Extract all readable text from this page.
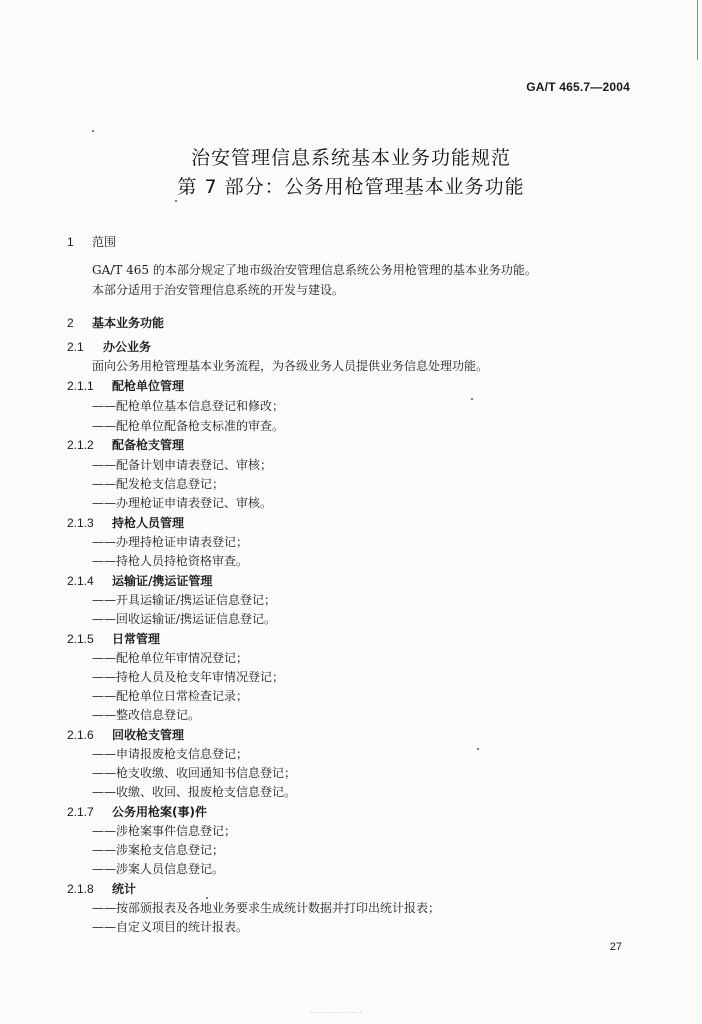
GA/T 465.7—2004
治安管理信息系统基本业务功能规范
第 7 部分：公务用枪管理基本业务功能
1 范围
GA/T 465 的本部分规定了地市级治安管理信息系统公务用枪管理的基本业务功能。
本部分适用于治安管理信息系统的开发与建设。
2 基本业务功能
2.1 办公业务
面向公务用枪管理基本业务流程，为各级业务人员提供业务信息处理功能。
2.1.1 配枪单位管理
——配枪单位基本信息登记和修改；
——配枪单位配备枪支标准的审查。
2.1.2 配备枪支管理
——配备计划申请表登记、审核；
——配发枪支信息登记；
——办理枪证申请表登记、审核。
2.1.3 持枪人员管理
——办理持枪证申请表登记；
——持枪人员持枪资格审查。
2.1.4 运输证/携运证管理
——开具运输证/携运证信息登记；
——回收运输证/携运证信息登记。
2.1.5 日常管理
——配枪单位年审情况登记；
——持枪人员及枪支年审情况登记；
——配枪单位日常检查记录；
——整改信息登记。
2.1.6 回收枪支管理
——申请报废枪支信息登记；
——枪支收缴、收回通知书信息登记；
——收缴、收回、报废枪支信息登记。
2.1.7 公务用枪案(事)件
——涉枪案事件信息登记；
——涉案枪支信息登记；
——涉案人员信息登记。
2.1.8 统计
——按部颁报表及各地业务要求生成统计数据并打印出统计报表；
——自定义项目的统计报表。
27
· · · · · · · · · · · · · ·
